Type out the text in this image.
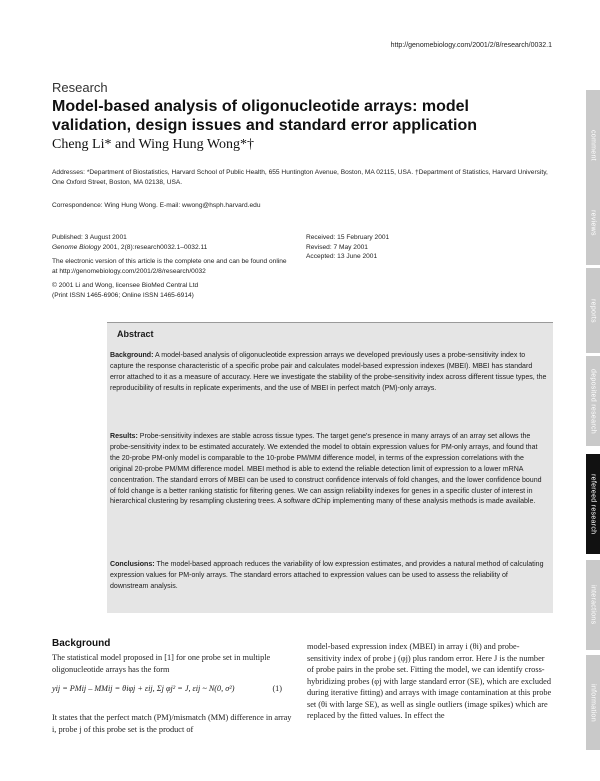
http://genomebiology.com/2001/2/8/research/0032.1
Research
Model-based analysis of oligonucleotide arrays: model validation, design issues and standard error application
Cheng Li* and Wing Hung Wong*†
Addresses: *Department of Biostatistics, Harvard School of Public Health, 655 Huntington Avenue, Boston, MA 02115, USA. †Department of Statistics, Harvard University, One Oxford Street, Boston, MA 02138, USA.
Correspondence: Wing Hung Wong. E-mail: wwong@hsph.harvard.edu

Published: 3 August 2001

Genome Biology 2001, 2(8):research0032.1–0032.11

The electronic version of this article is the complete one and can be found online at http://genomebiology.com/2001/2/8/research/0032

© 2001 Li and Wong, licensee BioMed Central Ltd

(Print ISSN 1465-6906; Online ISSN 1465-6914)

Received: 15 February 2001

Revised: 7 May 2001

Accepted: 13 June 2001

Abstract
Background: A model-based analysis of oligonucleotide expression arrays we developed previously uses a probe-sensitivity index to capture the response characteristic of a specific probe pair and calculates model-based expression indexes (MBEI). MBEI has standard error attached to it as a measure of accuracy. Here we investigate the stability of the probe-sensitivity index across different tissue types, the reproducibility of results in replicate experiments, and the use of MBEI in perfect match (PM)-only arrays.
Results: Probe-sensitivity indexes are stable across tissue types. The target gene's presence in many arrays of an array set allows the probe-sensitivity index to be estimated accurately. We extended the model to obtain expression values for PM-only arrays, and found that the 20-probe PM-only model is comparable to the 10-probe PM/MM difference model, in terms of the expression correlations with the original 20-probe PM/MM difference model. MBEI method is able to extend the reliable detection limit of expression to a lower mRNA concentration. The standard errors of MBEI can be used to construct confidence intervals of fold changes, and the lower confidence bound of fold change is a better ranking statistic for filtering genes. We can assign reliability indexes for genes in a specific cluster of interest in hierarchical clustering by resampling clustering trees. A software dChip implementing many of these analysis methods is made available.
Conclusions: The model-based approach reduces the variability of low expression estimates, and provides a natural method of calculating expression values for PM-only arrays. The standard errors attached to expression values can be used to assess the reliability of downstream analysis.
Background
The statistical model proposed in [1] for one probe set in multiple oligonucleotide arrays has the form
yij = PMij – MMij = θiφj + εij, Σj φj² = J, εij ~ N(0, σ²)	(1)
It states that the perfect match (PM)/mismatch (MM) difference in array i, probe j of this probe set is the product of
model-based expression index (MBEI) in array i (θi) and probe-sensitivity index of probe j (φj) plus random error. Here J is the number of probe pairs in the probe set. Fitting the model, we can identify cross-hybridizing probes (φj with large standard error (SE), which are excluded during iterative fitting) and arrays with image contamination at this probe set (θi with large SE), as well as single outliers (image spikes) which are replaced by the fitted values. In effect the
comment
reviews
reports
deposited research
refereed research
interactions
information
